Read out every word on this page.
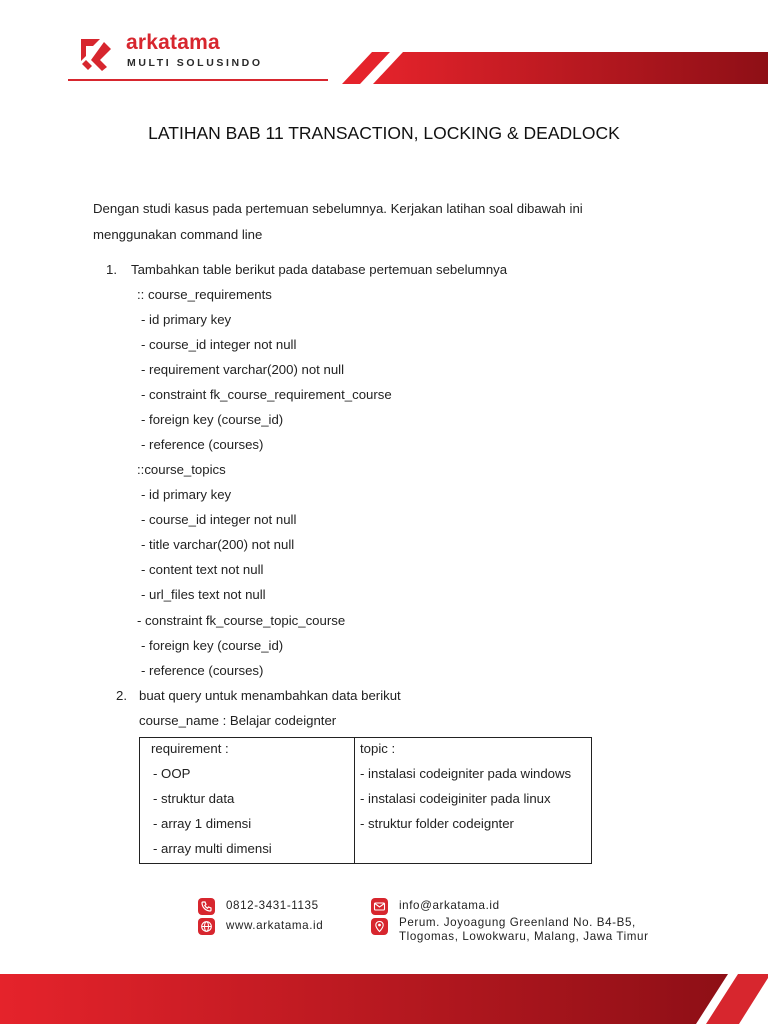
arkatama
MULTI SOLUSINDO
LATIHAN BAB 11 TRANSACTION, LOCKING & DEADLOCK
Dengan studi kasus pada pertemuan sebelumnya. Kerjakan latihan soal dibawah ini menggunakan command line
1. Tambahkan table berikut pada database pertemuan sebelumnya
:: course_requirements
- id primary key
- course_id integer not null
- requirement varchar(200) not null
- constraint fk_course_requirement_course
- foreign key (course_id)
- reference (courses)
::course_topics
- id primary key
- course_id integer not null
- title varchar(200) not null
- content text not null
- url_files text not null
- constraint fk_course_topic_course
- foreign key (course_id)
- reference (courses)
2. buat query untuk menambahkan data berikut
course_name : Belajar codeignter
requirement :
- OOP
- struktur data
- array 1 dimensi
- array multi dimensi
topic :
- instalasi codeigniter pada windows
- instalasi codeiginiter pada linux
- struktur folder codeignter
0812-3431-1135
www.arkatama.id
info@arkatama.id
Perum. Joyoagung Greenland No. B4-B5,
Tlogomas, Lowokwaru, Malang, Jawa Timur
